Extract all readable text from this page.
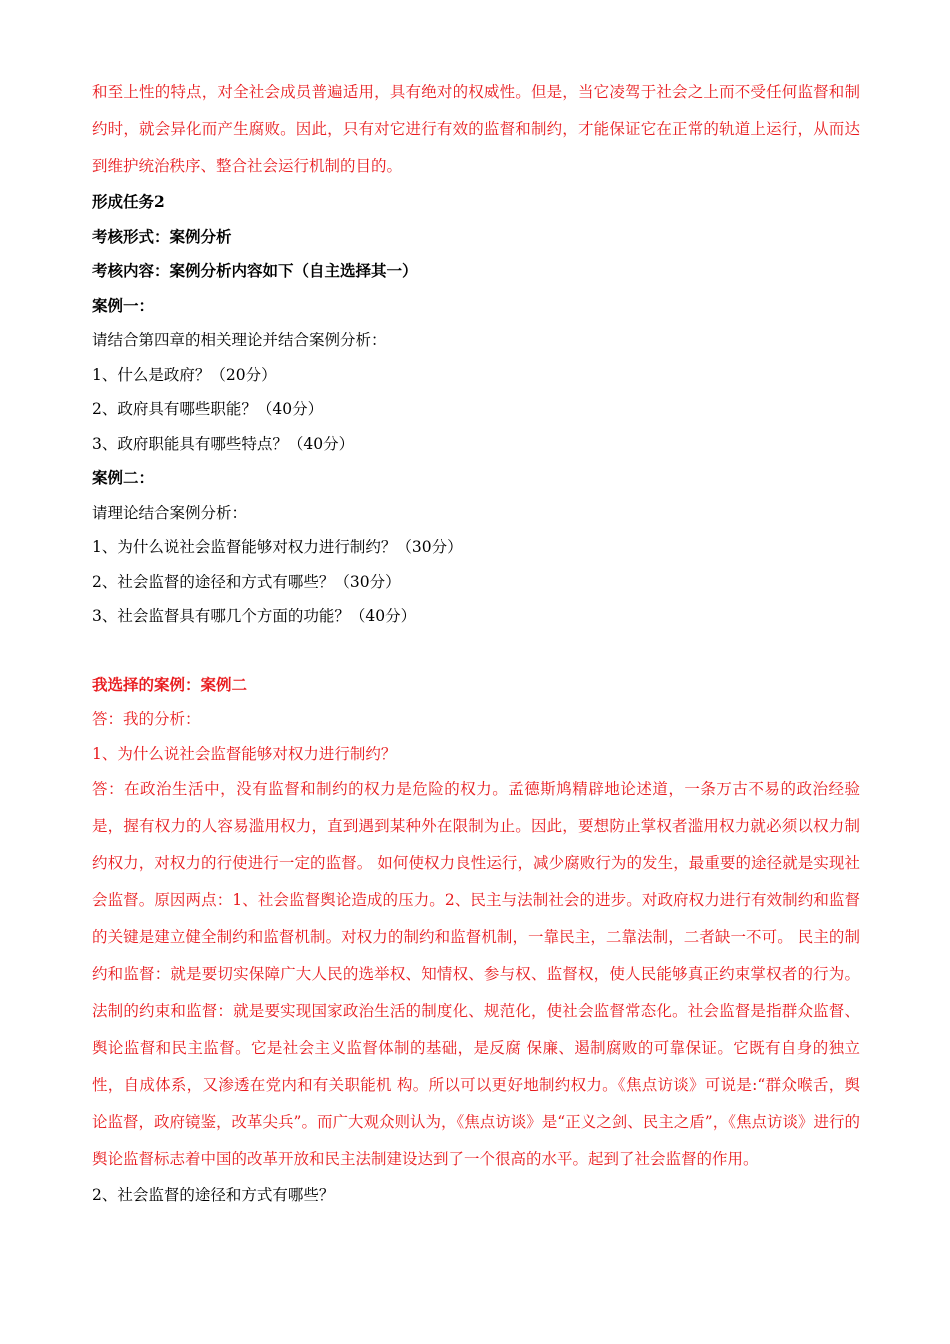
和至上性的特点，对全社会成员普遍适用，具有绝对的权威性。但是，当它凌驾于社会之上而不受任何监督和制约时，就会异化而产生腐败。因此，只有对它进行有效的监督和制约，才能保证它在正常的轨道上运行，从而达到维护统治秩序、整合社会运行机制的目的。

形成任务2

考核形式：案例分析

考核内容：案例分析内容如下（自主选择其一）

案例一：

请结合第四章的相关理论并结合案例分析：

1、什么是政府？（20分）

2、政府具有哪些职能？（40分）

3、政府职能具有哪些特点？（40分）

案例二：

请理论结合案例分析：

1、为什么说社会监督能够对权力进行制约？（30分）

2、社会监督的途径和方式有哪些？（30分）

3、社会监督具有哪几个方面的功能？（40分）

我选择的案例：案例二

答：我的分析：

1、为什么说社会监督能够对权力进行制约？

答：在政治生活中，没有监督和制约的权力是危险的权力。孟德斯鸠精辟地论述道，一条万古不易的政治经验是，握有权力的人容易滥用权力，直到遇到某种外在限制为止。因此，要想防止掌权者滥用权力就必须以权力制约权力，对权力的行使进行一定的监督。 如何使权力良性运行，减少腐败行为的发生，最重要的途径就是实现社会监督。原因两点：1、社会监督舆论造成的压力。2、民主与法制社会的进步。对政府权力进行有效制约和监督的关键是建立健全制约和监督机制。对权力的制约和监督机制，一靠民主，二靠法制，二者缺一不可。 民主的制约和监督：就是要切实保障广大人民的选举权、知情权、参与权、监督权，使人民能够真正约束掌权者的行为。 法制的约束和监督：就是要实现国家政治生活的制度化、规范化，使社会监督常态化。社会监督是指群众监督、舆论监督和民主监督。它是社会主义监督体制的基础，是反腐 保廉、遏制腐败的可靠保证。它既有自身的独立性，自成体系，又渗透在党内和有关职能机 构。所以可以更好地制约权力。《焦点访谈》可说是:“群众喉舌，舆论监督，政府镜鉴，改革尖兵”。而广大观众则认为，《焦点访谈》是“正义之剑、民主之盾”，《焦点访谈》进行的舆论监督标志着中国的改革开放和民主法制建设达到了一个很高的水平。起到了社会监督的作用。

2、社会监督的途径和方式有哪些？
